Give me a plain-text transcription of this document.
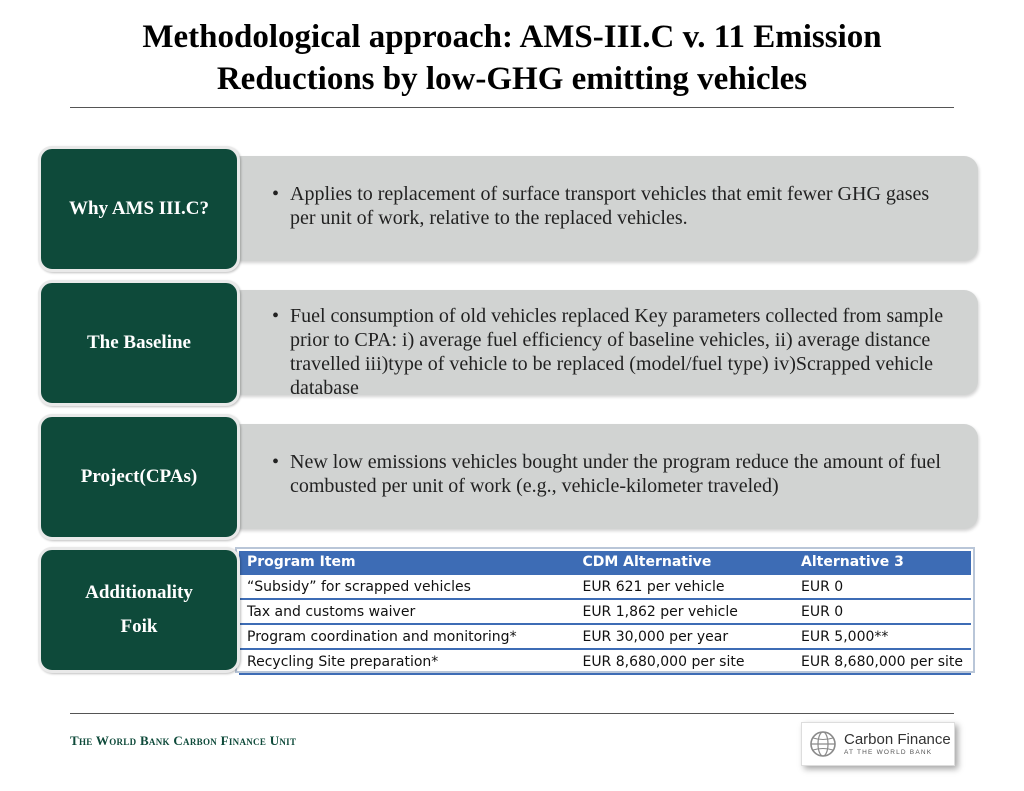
Methodological approach: AMS-III.C v. 11 Emission
Reductions by low-GHG emitting vehicles
Why AMS III.C?
• Applies to replacement of surface transport vehicles that emit fewer GHG gases per unit of work, relative to the replaced vehicles.
The Baseline
• Fuel consumption of old vehicles replaced Key parameters collected from sample prior to CPA: i) average fuel efficiency of baseline vehicles, ii) average distance travelled iii)type of vehicle to be replaced (model/fuel type) iv)Scrapped vehicle database
Project(CPAs)
• New low emissions vehicles bought under the program reduce the amount of fuel combusted per unit of work (e.g., vehicle-kilometer traveled)
Additionality
Foik
Program Item	CDM Alternative	Alternative 3
“Subsidy” for scrapped vehicles	EUR 621 per vehicle	EUR 0
Tax and customs waiver	EUR 1,862 per vehicle	EUR 0
Program coordination and monitoring*	EUR 30,000 per year	EUR 5,000**
Recycling Site preparation*	EUR 8,680,000 per site	EUR 8,680,000 per site
The World Bank Carbon Finance Unit	Carbon Finance
AT THE WORLD BANK
